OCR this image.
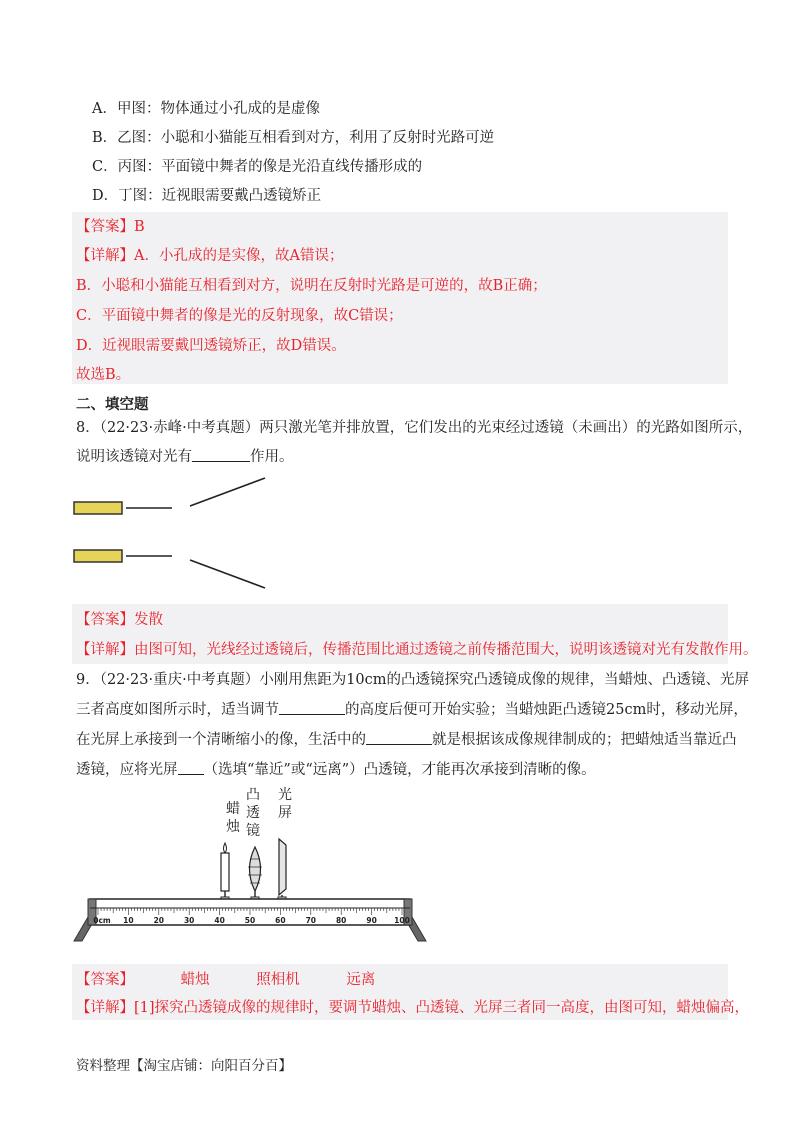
A．甲图：物体通过小孔成的是虚像
B．乙图：小聪和小猫能互相看到对方，利用了反射时光路可逆
C．丙图：平面镜中舞者的像是光沿直线传播形成的
D．丁图：近视眼需要戴凸透镜矫正
【答案】B
【详解】A．小孔成的是实像，故A错误；
B．小聪和小猫能互相看到对方，说明在反射时光路是可逆的，故B正确；
C．平面镜中舞者的像是光的反射现象，故C错误；
D．近视眼需要戴凹透镜矫正，故D错误。
故选B。
二、填空题
8．（22·23·赤峰·中考真题）两只激光笔并排放置，它们发出的光束经过透镜（未画出）的光路如图所示，
说明该透镜对光有	作用。
【答案】发散
【详解】由图可知，光线经过透镜后，传播范围比通过透镜之前传播范围大，说明该透镜对光有发散作用。
9．（22·23·重庆·中考真题）小刚用焦距为10cm的凸透镜探究凸透镜成像的规律，当蜡烛、凸透镜、光屏
三者高度如图所示时，适当调节	的高度后便可开始实验；当蜡烛距凸透镜25cm时，移动光屏，
在光屏上承接到一个清晰缩小的像，生活中的	就是根据该成像规律制成的；把蜡烛适当靠近凸
透镜，应将光屏 （选填“靠近”或“远离”）凸透镜，才能再次承接到清晰的像。
蜡
烛
凸
透
镜
光
屏
0cm 10	20	30	40	50	60	70	80	90 100
【答案】	蜡烛	照相机	远离
【详解】[1]探究凸透镜成像的规律时，要调节蜡烛、凸透镜、光屏三者同一高度，由图可知，蜡烛偏高，
资料整理【淘宝店铺：向阳百分百】
